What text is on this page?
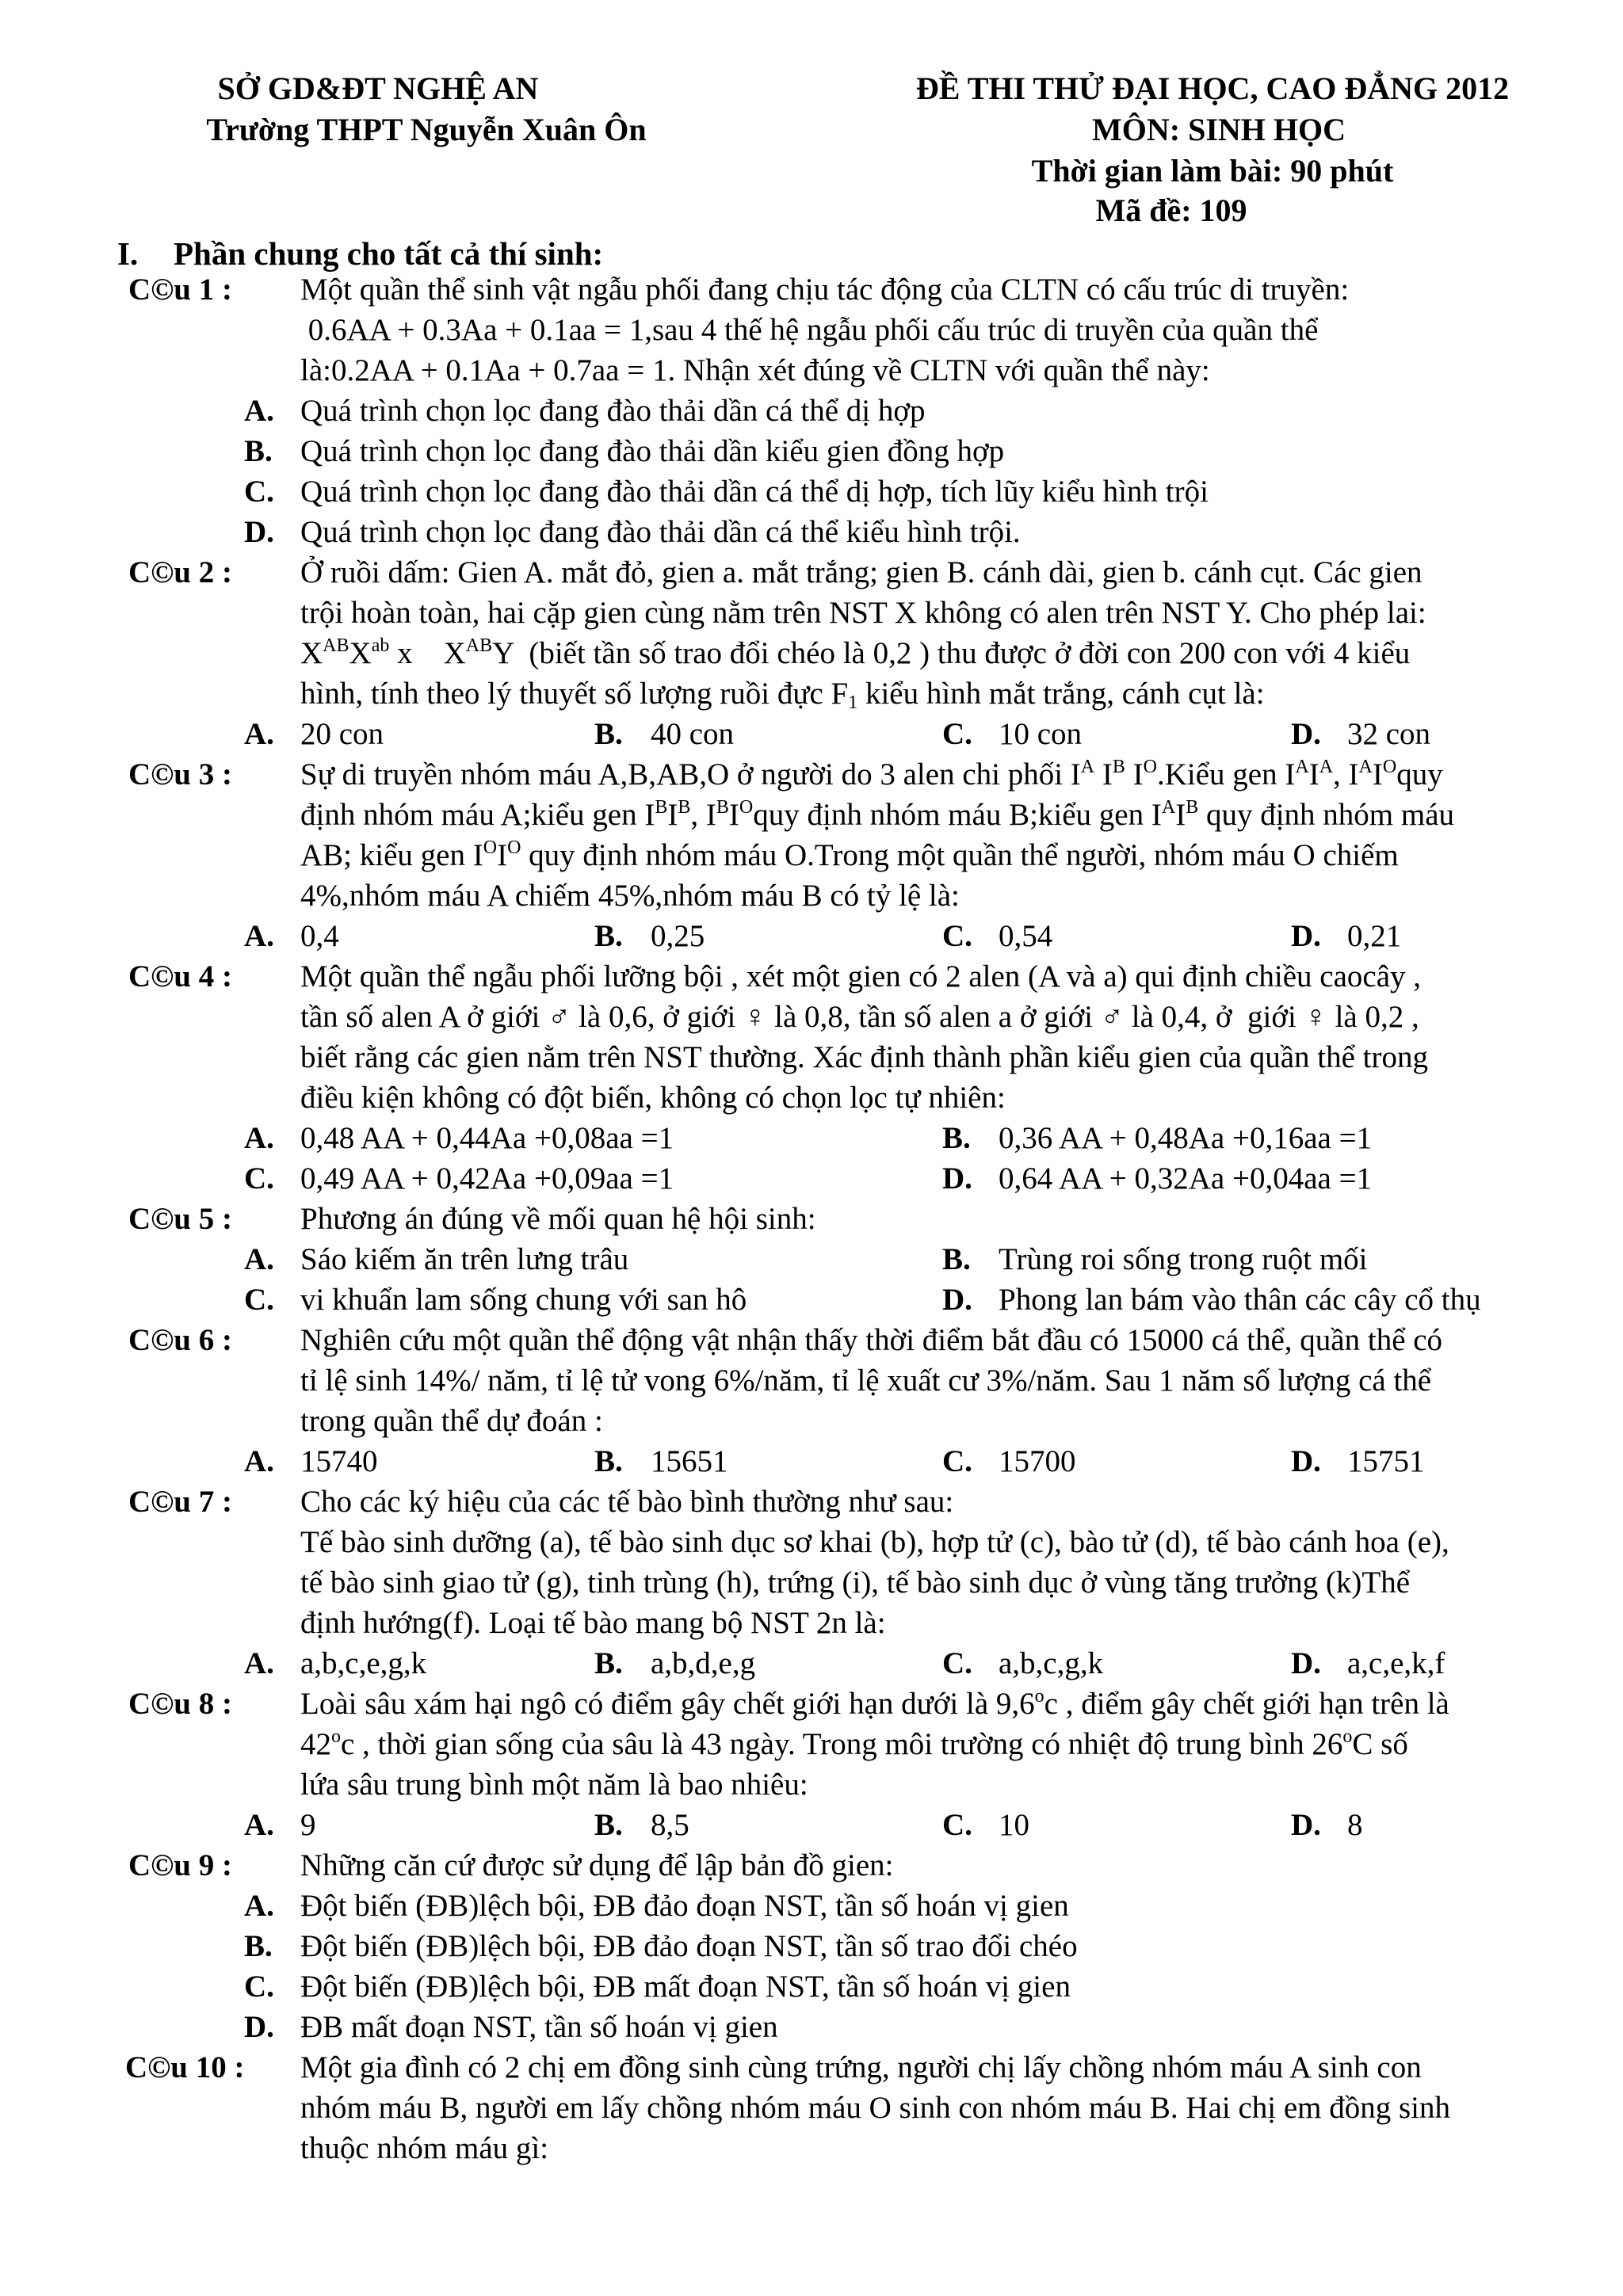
SỞ GD&ĐT NGHỆ AN
Trường THPT Nguyễn Xuân Ôn
ĐỀ THI THỬ ĐẠI HỌC, CAO ĐẲNG 2012
MÔN: SINH HỌC
Thời gian làm bài: 90 phút
Mã đề: 109
I. Phần chung cho tất cả thí sinh:
C©u 1 : Một quần thể sinh vật ngẫu phối đang chịu tác động của CLTN có cấu trúc di truyền:
0.6AA + 0.3Aa + 0.1aa = 1,sau 4 thế hệ ngẫu phối cấu trúc di truyền của quần thể
là:0.2AA + 0.1Aa + 0.7aa = 1. Nhận xét đúng về CLTN với quần thể này:
A. Quá trình chọn lọc đang đào thải dần cá thể dị hợp
B. Quá trình chọn lọc đang đào thải dần kiểu gien đồng hợp
C. Quá trình chọn lọc đang đào thải dần cá thể dị hợp, tích lũy kiểu hình trội
D. Quá trình chọn lọc đang đào thải dần cá thể kiểu hình trội.
C©u 2 : Ở ruồi dấm: Gien A. mắt đỏ, gien a. mắt trắng; gien B. cánh dài, gien b. cánh cụt. Các gien
trội hoàn toàn, hai cặp gien cùng nằm trên NST X không có alen trên NST Y. Cho phép lai:
$X^{AB}X^{ab}$ x    $X^{AB}Y$  (biết tần số trao đổi chéo là 0,2 ) thu được ở đời con 200 con với 4 kiểu
hình, tính theo lý thuyết số lượng ruồi đực $F_1$ kiểu hình mắt trắng, cánh cụt là:
A. 20 con	B. 40 con	C. 10 con	D. 32 con
C©u 3 : Sự di truyền nhóm máu A,B,AB,O ở người do 3 alen chi phối $I^A$ $I^B$ $I^O.Kiểu$ gen $I^AI^A$, $I^AI^Oquy$
định nhóm máu A;kiểu gen $I^BI^B$, $I^BI^Oquy$ định nhóm máu B;kiểu gen $I^AI^B$ quy định nhóm máu
AB; kiểu gen $I^OI^O$ quy định nhóm máu O.Trong một quần thể người, nhóm máu O chiếm
4%,nhóm máu A chiếm 45%,nhóm máu B có tỷ lệ là:
A. 0,4	B. 0,25	C. 0,54	D. 0,21
C©u 4 : Một quần thể ngẫu phối lưỡng bội , xét một gien có 2 alen (A và a) qui định chiều caocây ,
tần số alen A ở giới ♂ là 0,6, ở giới ♀ là 0,8, tần số alen a ở giới ♂ là 0,4, ở  giới ♀ là 0,2 ,
biết rằng các gien nằm trên NST thường. Xác định thành phần kiểu gien của quần thể trong
điều kiện không có đột biến, không có chọn lọc tự nhiên:
A. 0,48 AA + 0,44Aa +0,08aa =1	B. 0,36 AA + 0,48Aa +0,16aa =1
C. 0,49 AA + 0,42Aa +0,09aa =1	D. 0,64 AA + 0,32Aa +0,04aa =1
C©u 5 : Phương án đúng về mối quan hệ hội sinh:
A. Sáo kiếm ăn trên lưng trâu	B. Trùng roi sống trong ruột mối
C. vi khuẩn lam sống chung với san hô	D. Phong lan bám vào thân các cây cổ thụ
C©u 6 : Nghiên cứu một quần thể động vật nhận thấy thời điểm bắt đầu có 15000 cá thể, quần thể có
tỉ lệ sinh 14%/ năm, tỉ lệ tử vong 6%/năm, tỉ lệ xuất cư 3%/năm. Sau 1 năm số lượng cá thể
trong quần thể dự đoán :
A. 15740	B. 15651	C. 15700	D. 15751
C©u 7 : Cho các ký hiệu của các tế bào bình thường như sau:
Tế bào sinh dưỡng (a), tế bào sinh dục sơ khai (b), hợp tử (c), bào tử (d), tế bào cánh hoa (e),
tế bào sinh giao tử (g), tinh trùng (h), trứng (i), tế bào sinh dục ở vùng tăng trưởng (k)Thể
định hướng(f). Loại tế bào mang bộ NST 2n là:
A. a,b,c,e,g,k	B. a,b,d,e,g	C. a,b,c,g,k	D. a,c,e,k,f
C©u 8 : Loài sâu xám hại ngô có điểm gây chết giới hạn dưới là 9,6$^o$c , điểm gây chết giới hạn trên là
42$^o$c , thời gian sống của sâu là 43 ngày. Trong môi trường có nhiệt độ trung bình 26$^o$C số
lứa sâu trung bình một năm là bao nhiêu:
A. 9	B. 8,5	C. 10	D. 8
C©u 9 : Những căn cứ được sử dụng để lập bản đồ gien:
A. Đột biến (ĐB)lệch bội, ĐB đảo đoạn NST, tần số hoán vị gien
B. Đột biến (ĐB)lệch bội, ĐB đảo đoạn NST, tần số trao đổi chéo
C. Đột biến (ĐB)lệch bội, ĐB mất đoạn NST, tần số hoán vị gien
D. ĐB mất đoạn NST, tần số hoán vị gien
C©u 10 : Một gia đình có 2 chị em đồng sinh cùng trứng, người chị lấy chồng nhóm máu A sinh con
nhóm máu B, người em lấy chồng nhóm máu O sinh con nhóm máu B. Hai chị em đồng sinh
thuộc nhóm máu gì:
